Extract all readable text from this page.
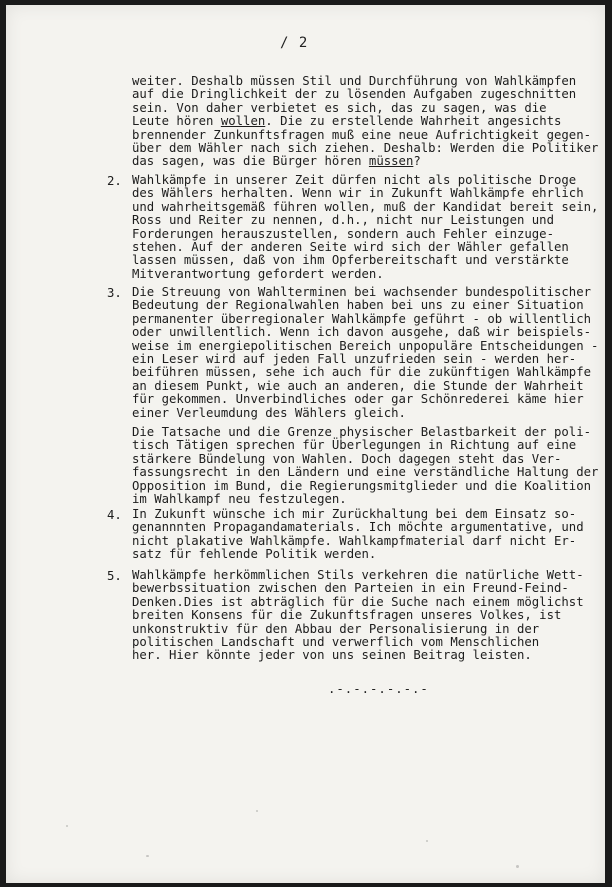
/ 2
weiter. Deshalb müssen Stil und Durchführung von Wahlkämpfen
auf die Dringlichkeit der zu lösenden Aufgaben zugeschnitten
sein. Von daher verbietet es sich, das zu sagen, was die
Leute hören wollen. Die zu erstellende Wahrheit angesichts
brennender Zunkunftsfragen muß eine neue Aufrichtigkeit gegen-
über dem Wähler nach sich ziehen. Deshalb: Werden die Politiker
das sagen, was die Bürger hören müssen?
2. Wahlkämpfe in unserer Zeit dürfen nicht als politische Droge
des Wählers herhalten. Wenn wir in Zukunft Wahlkämpfe ehrlich
und wahrheitsgemäß führen wollen, muß der Kandidat bereit sein,
Ross und Reiter zu nennen, d.h., nicht nur Leistungen und
Forderungen herauszustellen, sondern auch Fehler einzuge-
stehen. Auf der anderen Seite wird sich der Wähler gefallen
lassen müssen, daß von ihm Opferbereitschaft und verstärkte
Mitverantwortung gefordert werden.
3. Die Streuung von Wahlterminen bei wachsender bundespolitischer
Bedeutung der Regionalwahlen haben bei uns zu einer Situation
permanenter überregionaler Wahlkämpfe geführt - ob willentlich
oder unwillentlich. Wenn ich davon ausgehe, daß wir beispiels-
weise im energiepolitischen Bereich unpopuläre Entscheidungen -
ein Leser wird auf jeden Fall unzufrieden sein - werden her-
beiführen müssen, sehe ich auch für die zukünftigen Wahlkämpfe
an diesem Punkt, wie auch an anderen, die Stunde der Wahrheit
für gekommen. Unverbindliches oder gar Schönrederei käme hier
einer Verleumdung des Wählers gleich.
Die Tatsache und die Grenze physischer Belastbarkeit der poli-
tisch Tätigen sprechen für Überlegungen in Richtung auf eine
stärkere Bündelung von Wahlen. Doch dagegen steht das Ver-
fassungsrecht in den Ländern und eine verständliche Haltung der
Opposition im Bund, die Regierungsmitglieder und die Koalition
im Wahlkampf neu festzulegen.
4. In Zukunft wünsche ich mir Zurückhaltung bei dem Einsatz so-
genannnten Propagandamaterials. Ich möchte argumentative, und
nicht plakative Wahlkämpfe. Wahlkampfmaterial darf nicht Er-
satz für fehlende Politik werden.
5. Wahlkämpfe herkömmlichen Stils verkehren die natürliche Wett-
bewerbssituation zwischen den Parteien in ein Freund-Feind-
Denken.Dies ist abträglich für die Suche nach einem möglichst
breiten Konsens für die Zukunftsfragen unseres Volkes, ist
unkonstruktiv für den Abbau der Personalisierung in der
politischen Landschaft und verwerflich vom Menschlichen
her. Hier könnte jeder von uns seinen Beitrag leisten.
.-.-.-.-.-.-
